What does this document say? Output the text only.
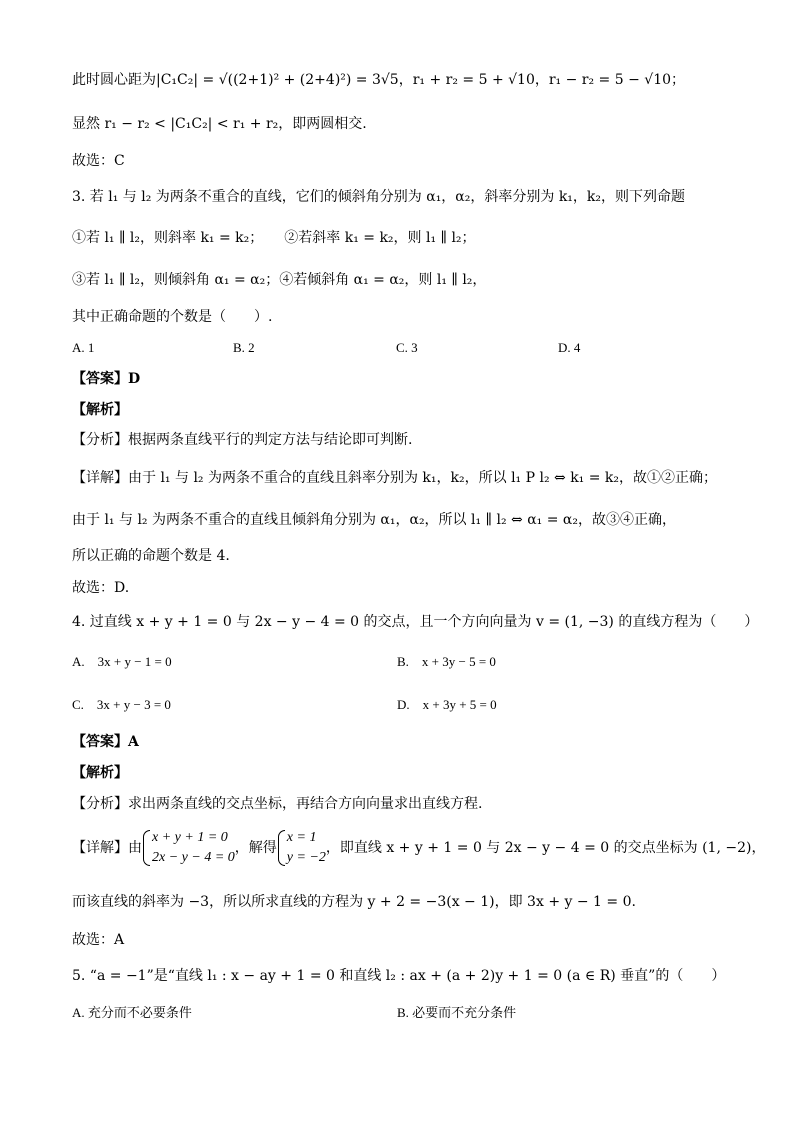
此时圆心距为|C₁C₂| = √((2+1)² + (2+4)²) = 3√5，r₁ + r₂ = 5 + √10，r₁ − r₂ = 5 − √10；
显然 r₁ − r₂ < |C₁C₂| < r₁ + r₂，即两圆相交.
故选：C
3. 若 l₁ 与 l₂ 为两条不重合的直线，它们的倾斜角分别为 α₁，α₂，斜率分别为 k₁，k₂，则下列命题
①若 l₁ ∥ l₂，则斜率 k₁ = k₂；　　②若斜率 k₁ = k₂，则 l₁ ∥ l₂；
③若 l₁ ∥ l₂，则倾斜角 α₁ = α₂；④若倾斜角 α₁ = α₂，则 l₁ ∥ l₂，
其中正确命题的个数是（　　）.
A. 1	B. 2	C. 3	D. 4
【答案】D
【解析】
【分析】根据两条直线平行的判定方法与结论即可判断.
【详解】由于 l₁ 与 l₂ 为两条不重合的直线且斜率分别为 k₁，k₂，所以 l₁ P l₂ ⇔ k₁ = k₂，故①②正确；
由于 l₁ 与 l₂ 为两条不重合的直线且倾斜角分别为 α₁，α₂，所以 l₁ ∥ l₂ ⇔ α₁ = α₂，故③④正确，
所以正确的命题个数是 4.
故选：D.
4. 过直线 x + y + 1 = 0 与 2x − y − 4 = 0 的交点，且一个方向向量为 v = (1, −3) 的直线方程为（　　）
A.　3x + y − 1 = 0	B.　x + 3y − 5 = 0
C.　3x + y − 3 = 0	D.　x + 3y + 5 = 0
【答案】A
【解析】
【分析】求出两条直线的交点坐标，再结合方向向量求出直线方程.
【详解】由
x + y + 1 = 0
2x − y − 4 = 0
，解得
x = 1
y = −2
，即直线 x + y + 1 = 0 与 2x − y − 4 = 0 的交点坐标为 (1, −2)，
而该直线的斜率为 −3，所以所求直线的方程为 y + 2 = −3(x − 1)，即 3x + y − 1 = 0.
故选：A
5. “a = −1”是“直线 l₁ : x − ay + 1 = 0 和直线 l₂ : ax + (a + 2)y + 1 = 0 (a ∈ R) 垂直”的（　　）
A. 充分而不必要条件	B. 必要而不充分条件
